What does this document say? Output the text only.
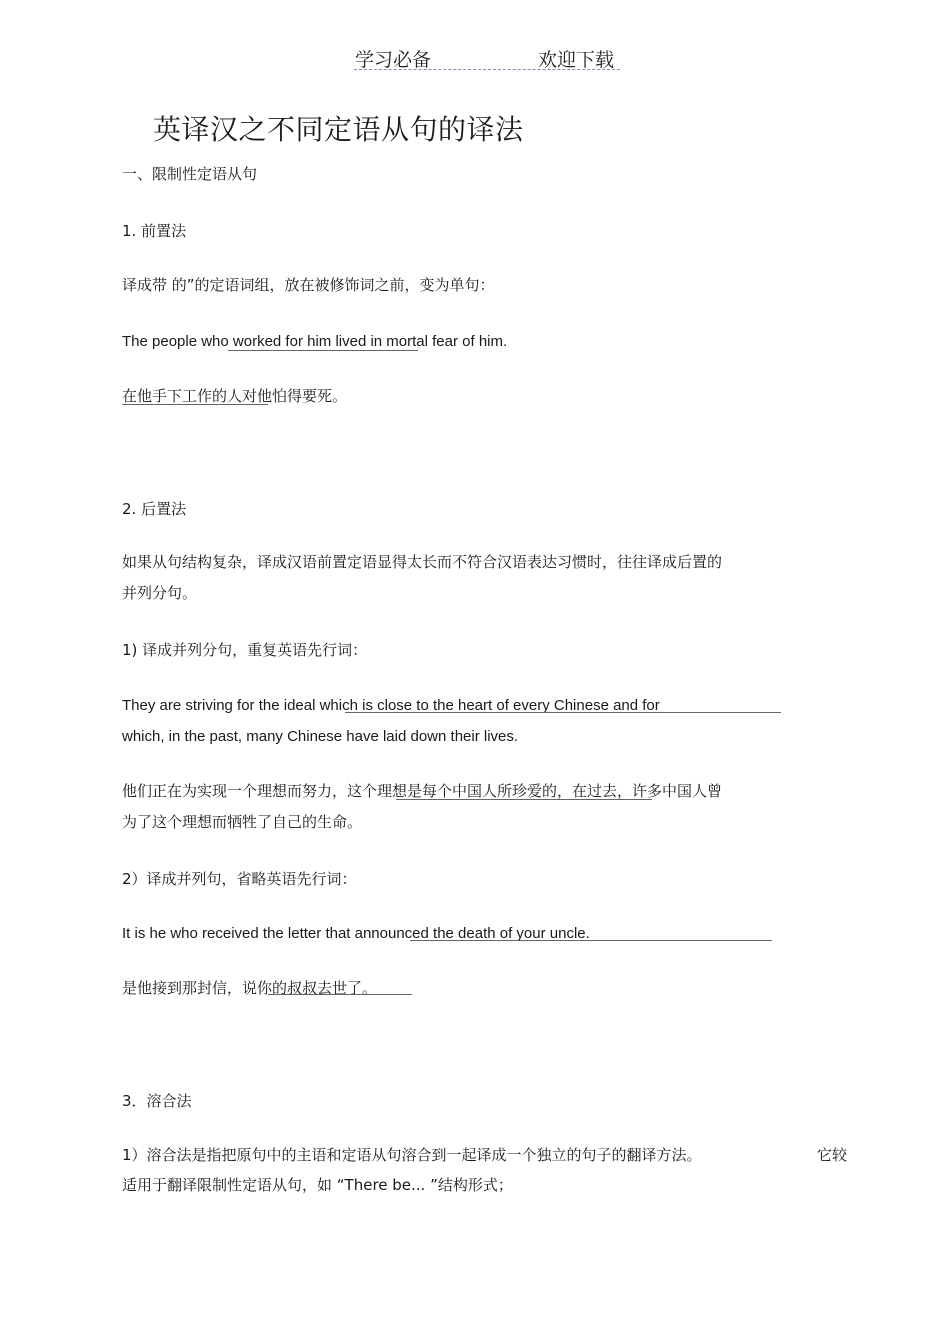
学习必备	欢迎下载
英译汉之不同定语从句的译法
一、限制性定语从句
1. 前置法
译成带 的”的定语词组，放在被修饰词之前，变为单句：
The people who worked for him lived in mortal fear of him.
在他手下工作的人对他怕得要死。
2. 后置法
如果从句结构复杂，译成汉语前置定语显得太长而不符合汉语表达习惯时，往往译成后置的
并列分句。
1) 译成并列分句，重复英语先行词：
They are striving for the ideal which is close to the heart of every Chinese and for
which, in the past, many Chinese have laid down their lives.
他们正在为实现一个理想而努力，这个理想是每个中国人所珍爱的，在过去，许多中国人曾
为了这个理想而牺牲了自己的生命。
2）译成并列句，省略英语先行词：
It is he who received the letter that announced the death of your uncle.
是他接到那封信，说你的叔叔去世了。
3．溶合法
1）溶合法是指把原句中的主语和定语从句溶合到一起译成一个独立的句子的翻译方法。	它较
适用于翻译限制性定语从句，如 “There be... ”结构形式；
